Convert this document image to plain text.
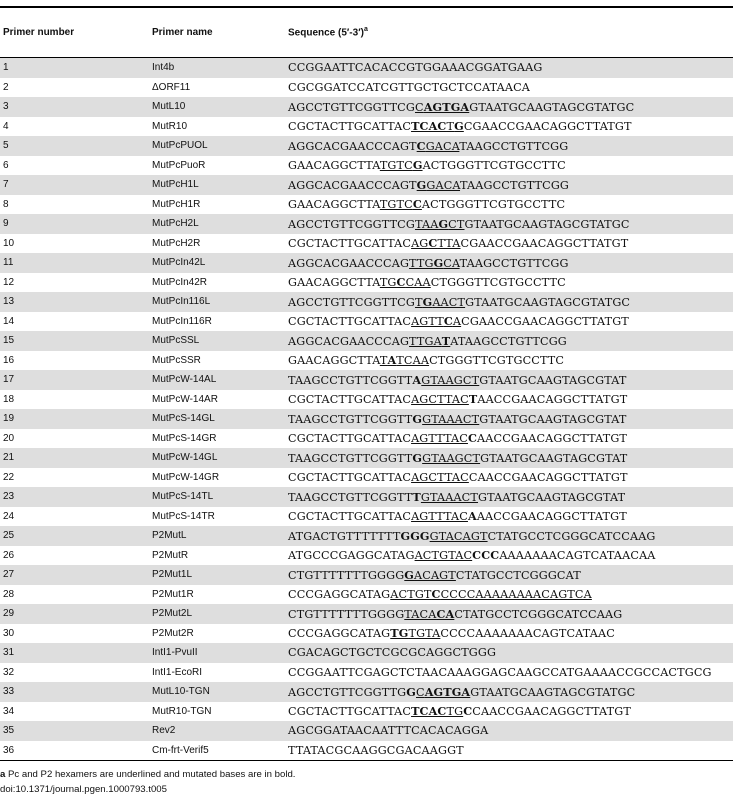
Primer number	Primer name	Sequence $(5'-3')^a$
1	Int4b	CCGGAATTCACACCGTGGAAACGGATGAAG
2	ΔORF11	CGCGGATCCATCGTTGCTGCTCCATAACA
3	MutL10	AGCCTGTTCGGTTCGCAGTGAGTAATGCAAGTAGCGTATGC
4	MutR10	CGCTACTTGCATTACTCACTGCGAACCGAACAGGCTTATGT
5	MutPcPUOL	AGGCACGAACCCAGTCGACATAAGCCTGTTCGG
6	MutPcPuoR	GAACAGGCTTATGTCGACTGGGTTCGTGCCTTC
7	MutPcH1L	AGGCACGAACCCAGTGGACATAAGCCTGTTCGG
8	MutPcH1R	GAACAGGCTTATGTCCACTGGGTTCGTGCCTTC
9	MutPcH2L	AGCCTGTTCGGTTCGTAAGCTGTAATGCAAGTAGCGTATGC
10	MutPcH2R	CGCTACTTGCATTACAGCTTACGAACCGAACAGGCTTATGT
11	MutPcIn42L	AGGCACGAACCCAGTTGGCATAAGCCTGTTCGG
12	MutPcIn42R	GAACAGGCTTATGCCAACTGGGTTCGTGCCTTC
13	MutPcIn116L	AGCCTGTTCGGTTCGTGAACTGTAATGCAAGTAGCGTATGC
14	MutPcIn116R	CGCTACTTGCATTACAGTTCACGAACCGAACAGGCTTATGT
15	MutPcSSL	AGGCACGAACCCAGTTGATATAAGCCTGTTCGG
16	MutPcSSR	GAACAGGCTTATATCAACTGGGTTCGTGCCTTC
17	MutPcW-14AL	TAAGCCTGTTCGGTTAGTAAGCTGTAATGCAAGTAGCGTAT
18	MutPcW-14AR	CGCTACTTGCATTACAGCTTACTAACCGAACAGGCTTATGT
19	MutPcS-14GL	TAAGCCTGTTCGGTTGGTAAACTGTAATGCAAGTAGCGTAT
20	MutPcS-14GR	CGCTACTTGCATTACAGTTTACCAACCGAACAGGCTTATGT
21	MutPcW-14GL	TAAGCCTGTTCGGTTGGTAAGCTGTAATGCAAGTAGCGTAT
22	MutPcW-14GR	CGCTACTTGCATTACAGCTTACCAACCGAACAGGCTTATGT
23	MutPcS-14TL	TAAGCCTGTTCGGTTTGTAAACTGTAATGCAAGTAGCGTAT
24	MutPcS-14TR	CGCTACTTGCATTACAGTTTACAAACCGAACAGGCTTATGT
25	P2MutL	ATGACTGTTTTTTTGGGGTACAGTCTATGCCTCGGGCATCCAAG
26	P2MutR	ATGCCCGAGGCATAGACTGTACCCCAAAAAAACAGTCATAACAA
27	P2Mut1L	CTGTTTTTTTGGGGGACAGTCTATGCCTCGGGCAT
28	P2Mut1R	CCCGAGGCATAGACTGTCCCCCAAAAAAAACAGTCA
29	P2Mut2L	CTGTTTTTTTGGGGTACACACTATGCCTCGGGCATCCAAG
30	P2Mut2R	CCCGAGGCATAGTGTGTACCCCAAAAAAACAGTCATAAC
31	IntI1-PvuII	CGACAGCTGCTCGCGCAGGCTGGG
32	IntI1-EcoRI	CCGGAATTCGAGCTCTAACAAAGGAGCAAGCCATGAAAACCGCCACTGCG
33	MutL10-TGN	AGCCTGTTCGGTTGGCAGTGAGTAATGCAAGTAGCGTATGC
34	MutR10-TGN	CGCTACTTGCATTACTCACTGCCAACCGAACAGGCTTATGT
35	Rev2	AGCGGATAACAATTTCACACAGGA
36	Cm-frt-Verif5	TTATACGCAAGGCGACAAGGT
a Pc and P2 hexamers are underlined and mutated bases are in bold.
doi:10.1371/journal.pgen.1000793.t005
